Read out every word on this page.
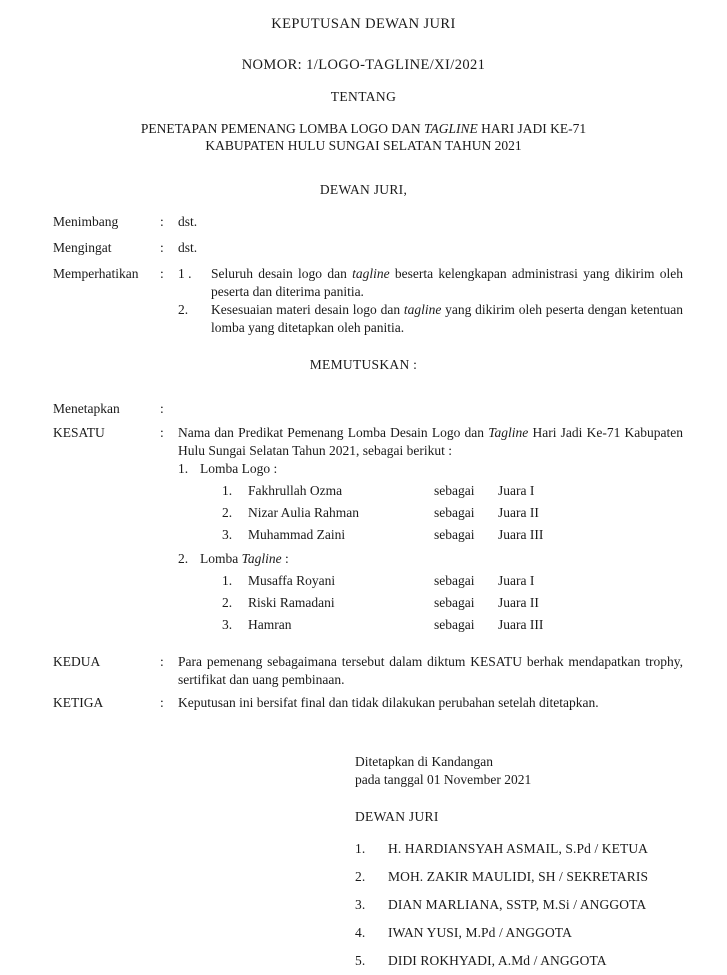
KEPUTUSAN DEWAN JURI
NOMOR: 1/LOGO-TAGLINE/XI/2021
TENTANG
PENETAPAN PEMENANG LOMBA LOGO DAN TAGLINE HARI JADI KE-71
KABUPATEN HULU SUNGAI SELATAN TAHUN 2021
DEWAN JURI,
Menimbang	: dst.
Mengingat	: dst.
Memperhatikan : 1 . Seluruh desain logo dan tagline beserta kelengkapan administrasi yang dikirim oleh peserta dan diterima panitia.
2. Kesesuaian materi desain logo dan tagline yang dikirim oleh peserta dengan ketentuan lomba yang ditetapkan oleh panitia.
MEMUTUSKAN :
Menetapkan	:
KESATU	: Nama dan Predikat Pemenang Lomba Desain Logo dan Tagline Hari Jadi Ke-71 Kabupaten Hulu Sungai Selatan Tahun 2021, sebagai berikut :
1. Lomba Logo :
1.	Fakhrullah Ozma	sebagai	Juara I
2.	Nizar Aulia Rahman	sebagai	Juara II
3.	Muhammad Zaini	sebagai	Juara III
2. Lomba Tagline :
1.	Musaffa Royani	sebagai	Juara I
2.	Riski Ramadani	sebagai	Juara II
3.	Hamran	sebagai	Juara III
KEDUA	: Para pemenang sebagaimana tersebut dalam diktum KESATU berhak mendapatkan trophy, sertifikat dan uang pembinaan.
KETIGA	: Keputusan ini bersifat final dan tidak dilakukan perubahan setelah ditetapkan.
Ditetapkan di Kandangan
pada tanggal 01 November 2021
DEWAN JURI
1. H. HARDIANSYAH ASMAIL, S.Pd / KETUA
2. MOH. ZAKIR MAULIDI, SH / SEKRETARIS
3. DIAN MARLIANA, SSTP, M.Si / ANGGOTA
4. IWAN YUSI, M.Pd / ANGGOTA
5. DIDI ROKHYADI, A.Md / ANGGOTA
